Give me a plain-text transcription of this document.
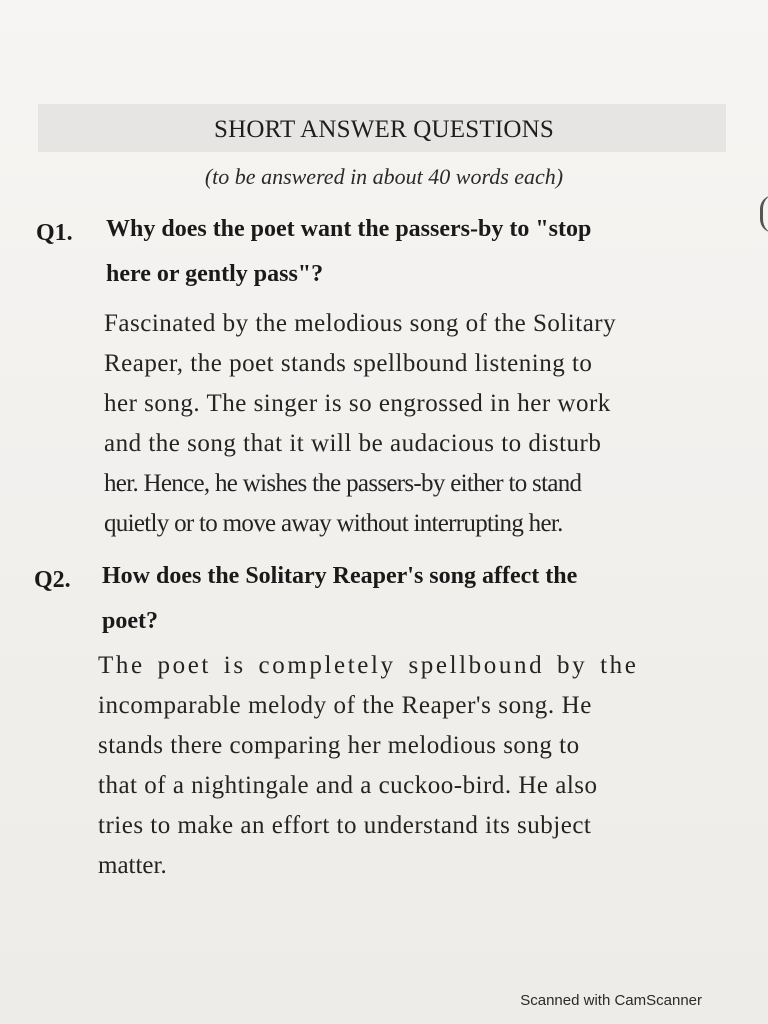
SHORT ANSWER QUESTIONS
(to be answered in about 40 words each)
Q1. Why does the poet want the passers-by to "stop
here or gently pass"?
Fascinated by the melodious song of the Solitary
Reaper, the poet stands spellbound listening to
her song. The singer is so engrossed in her work
and the song that it will be audacious to disturb
her. Hence, he wishes the passers-by either to stand
quietly or to move away without interrupting her.
Q2. How does the Solitary Reaper's song affect the
poet?
The poet is completely spellbound by the
incomparable melody of the Reaper's song. He
stands there comparing her melodious song to
that of a nightingale and a cuckoo-bird. He also
tries to make an effort to understand its subject
matter.
Scanned with CamScanner
